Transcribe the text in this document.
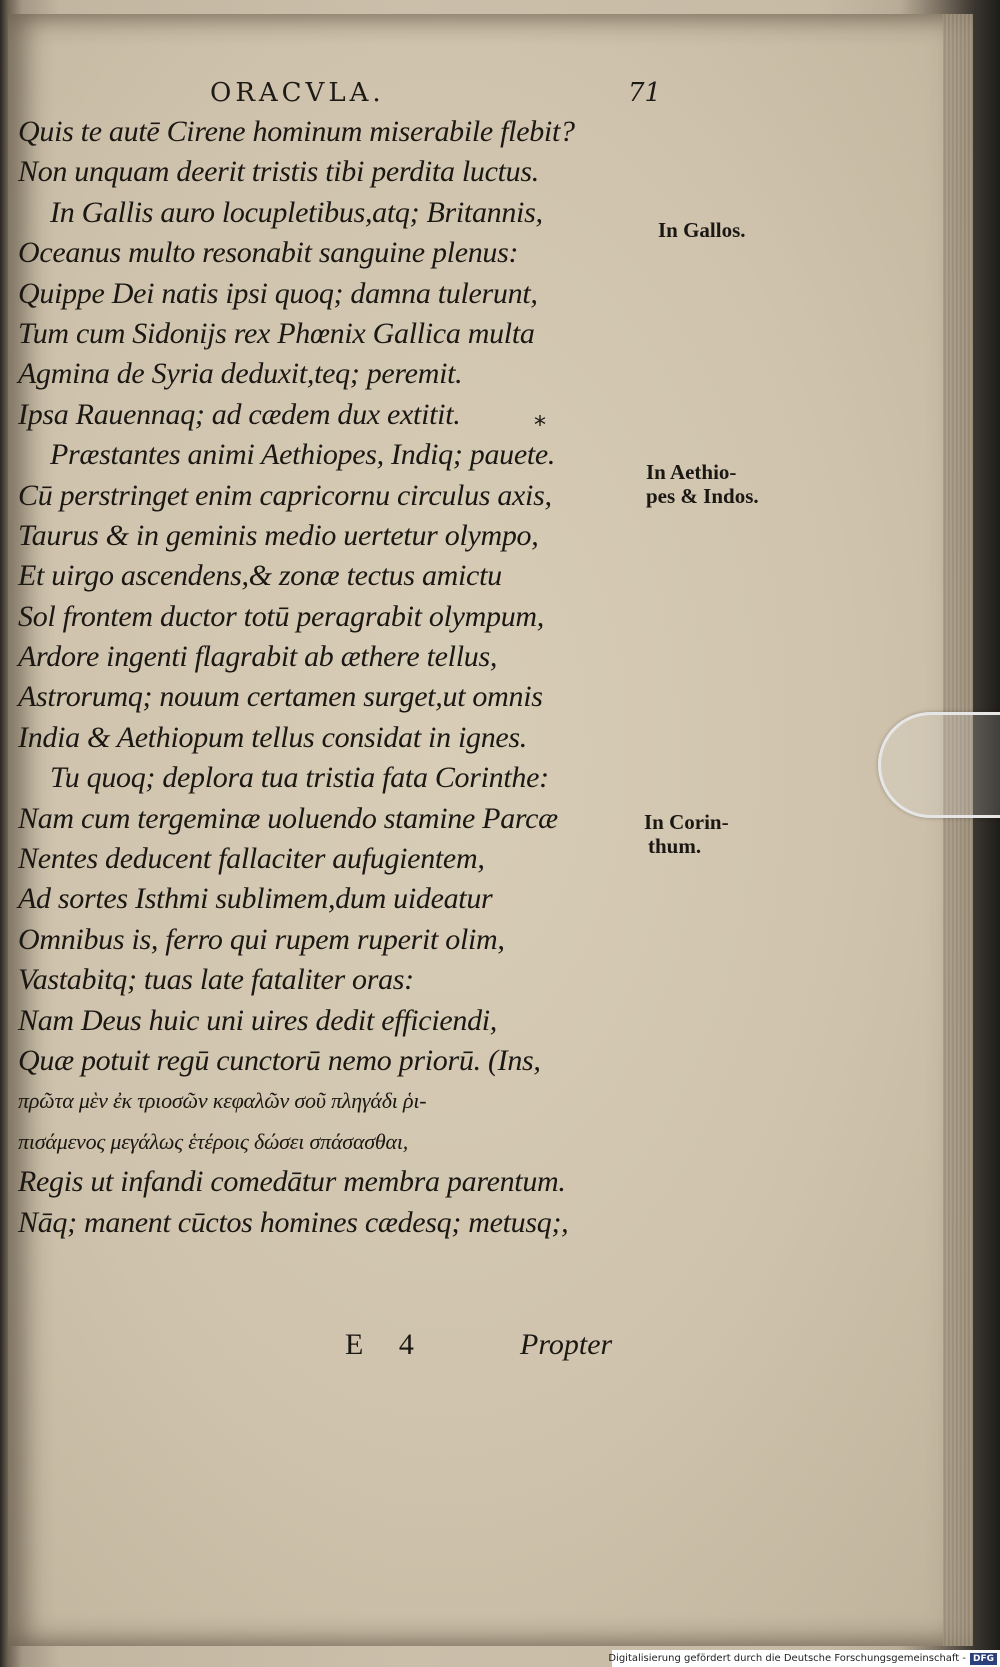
ORACVLA.	71
Quis te autē Cirene hominum miserabile flebit?
Non unquam deerit tristis tibi perdita luctus.
In Gallis auro locupletibus,atq; Britannis,
Oceanus multo resonabit sanguine plenus:
Quippe Dei natis ipsi quoq; damna tulerunt,
Tum cum Sidonijs rex Phœnix Gallica multa
Agmina de Syria deduxit,teq; peremit.
Ipsa Rauennaq; ad cædem dux extitit.
Præstantes animi Aethiopes, Indiq; pauete.
Cū perstringet enim capricornu circulus axis,
Taurus & in geminis medio uertetur olympo,
Et uirgo ascendens,& zonæ tectus amictu
Sol frontem ductor totū peragrabit olympum,
Ardore ingenti flagrabit ab æthere tellus,
Astrorumq; nouum certamen surget,ut omnis
India & Aethiopum tellus considat in ignes.
Tu quoq; deplora tua tristia fata Corinthe:
Nam cum tergeminæ uoluendo stamine Parcæ
Nentes deducent fallaciter aufugientem,
Ad sortes Isthmi sublimem,dum uideatur
Omnibus is, ferro qui rupem ruperit olim,
Vastabitq; tuas late fataliter oras:
Nam Deus huic uni uires dedit efficiendi,
Quæ potuit regū cunctorū nemo priorū. (Ins,
πρῶτα μὲν ἐκ τριοσῶν κεφαλῶν σοῦ πληγάδι ῥι-
πισάμενος μεγάλως ἑτέροις δώσει σπάσασθαι,
Regis ut infandi comedātur membra parentum.
Nāq; manent cūctos homines cædesq; metusq;,
*
In Gallos.
In Aethio-
pes & Indos.
In Corin-
thum.
E 4	Propter
Digitalisierung gefördert durch die Deutsche Forschungsgemeinschaft - DFG
